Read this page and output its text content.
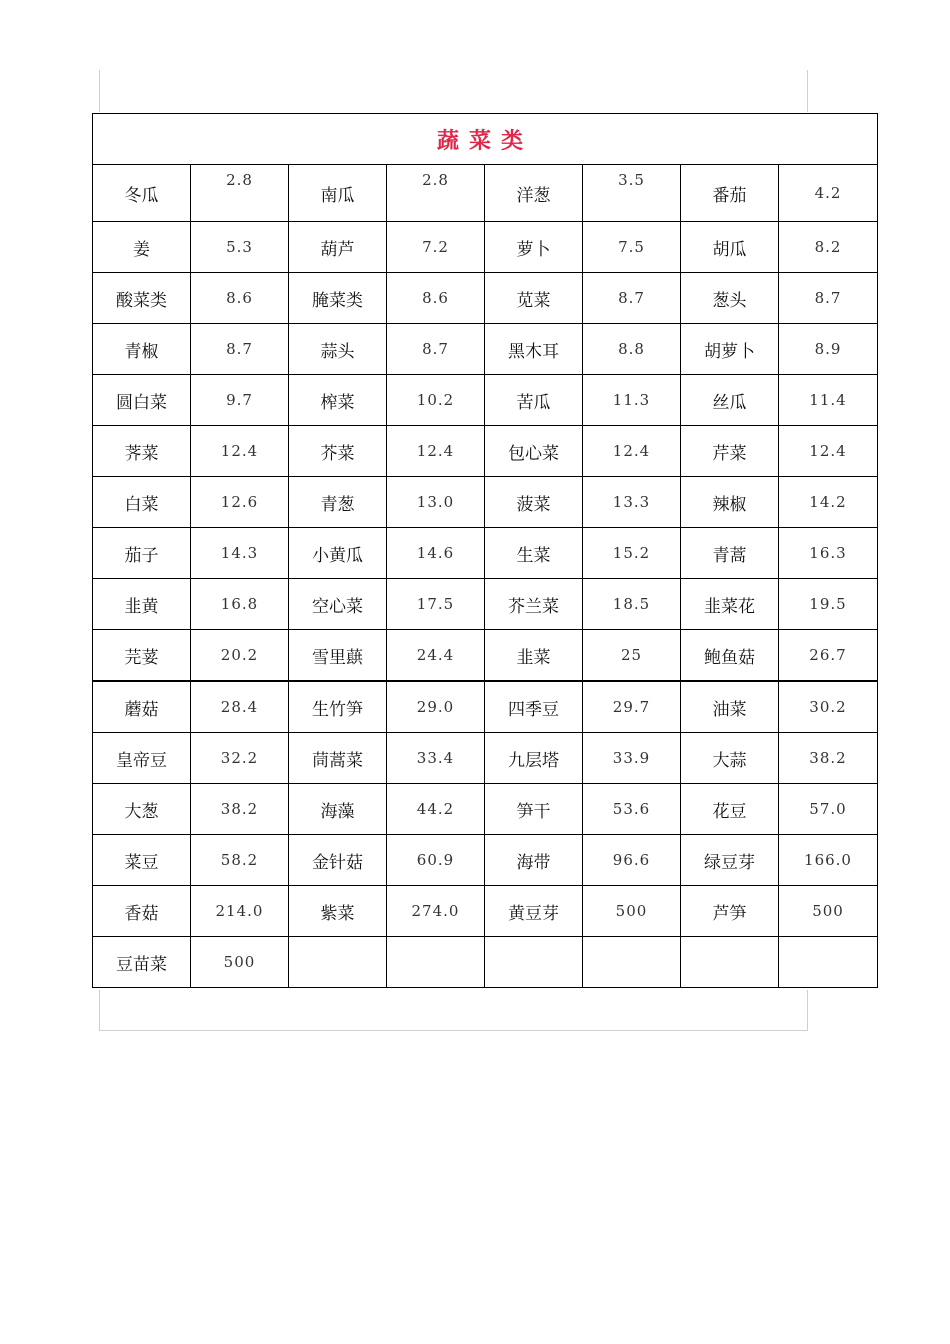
蔬菜类							
冬瓜	2.8	南瓜	2.8	洋葱	3.5	番茄	4.2
姜	5.3	葫芦	7.2	萝卜	7.5	胡瓜	8.2
酸菜类	8.6	腌菜类	8.6	苋菜	8.7	葱头	8.7
青椒	8.7	蒜头	8.7	黑木耳	8.8	胡萝卜	8.9
圆白菜	9.7	榨菜	10.2	苦瓜	11.3	丝瓜	11.4
荠菜	12.4	芥菜	12.4	包心菜	12.4	芹菜	12.4
白菜	12.6	青葱	13.0	菠菜	13.3	辣椒	14.2
茄子	14.3	小黄瓜	14.6	生菜	15.2	青蒿	16.3
韭黄	16.8	空心菜	17.5	芥兰菜	18.5	韭菜花	19.5
芫荽	20.2	雪里蕻	24.4	韭菜	25	鲍鱼菇	26.7
蘑菇	28.4	生竹笋	29.0	四季豆	29.7	油菜	30.2
皇帝豆	32.2	茼蒿菜	33.4	九层塔	33.9	大蒜	38.2
大葱	38.2	海藻	44.2	笋干	53.6	花豆	57.0
菜豆	58.2	金针菇	60.9	海带	96.6	绿豆芽	166.0
香菇	214.0	紫菜	274.0	黄豆芽	500	芦笋	500
豆苗菜	500						
